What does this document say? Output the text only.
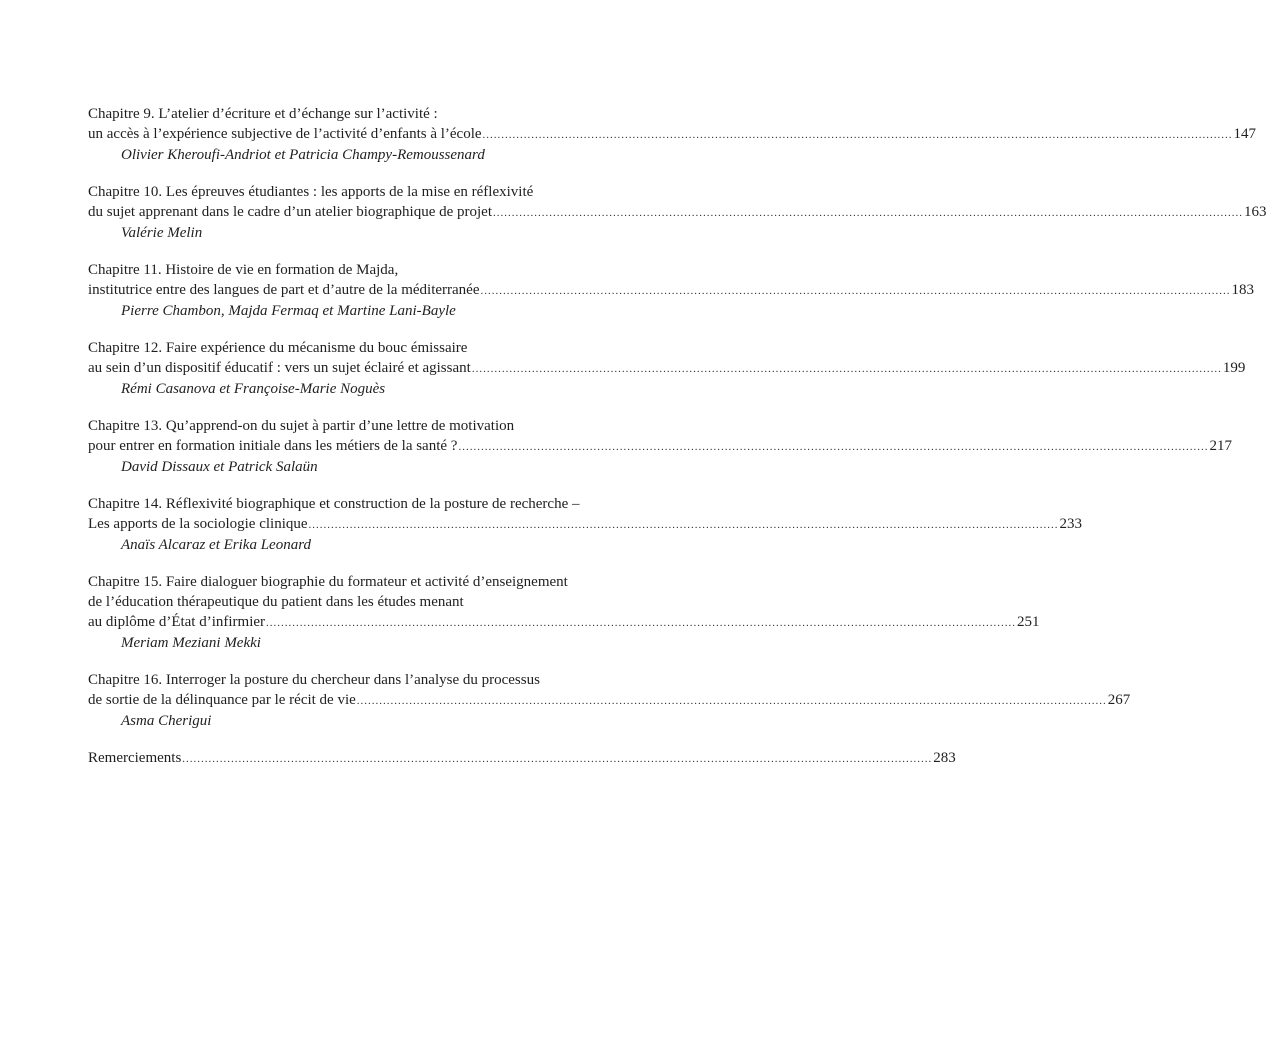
Chapitre 9. L’atelier d’écriture et d’échange sur l’activité :
un accès à l’expérience subjective de l’activité d’enfants à l’école ........................................................................................................................................................................................................ 147
Olivier Kheroufi-Andriot et Patricia Champy-Remoussenard
Chapitre 10. Les épreuves étudiantes : les apports de la mise en réflexivité
du sujet apprenant dans le cadre d’un atelier biographique de projet ........................................................................................................................................................................................................ 163
Valérie Melin
Chapitre 11. Histoire de vie en formation de Majda,
institutrice entre des langues de part et d’autre de la méditerranée ........................................................................................................................................................................................................ 183
Pierre Chambon, Majda Fermaq et Martine Lani-Bayle
Chapitre 12. Faire expérience du mécanisme du bouc émissaire
au sein d’un dispositif éducatif : vers un sujet éclairé et agissant ........................................................................................................................................................................................................ 199
Rémi Casanova et Françoise-Marie Noguès
Chapitre 13. Qu’apprend-on du sujet à partir d’une lettre de motivation
pour entrer en formation initiale dans les métiers de la santé ? ........................................................................................................................................................................................................ 217
David Dissaux et Patrick Salaün
Chapitre 14. Réflexivité biographique et construction de la posture de recherche –
Les apports de la sociologie clinique ........................................................................................................................................................................................................ 233
Anaïs Alcaraz et Erika Leonard
Chapitre 15. Faire dialoguer biographie du formateur et activité d’enseignement
de l’éducation thérapeutique du patient dans les études menant
au diplôme d’État d’infirmier ........................................................................................................................................................................................................ 251
Meriam Meziani Mekki
Chapitre 16. Interroger la posture du chercheur dans l’analyse du processus
de sortie de la délinquance par le récit de vie ........................................................................................................................................................................................................ 267
Asma Cherigui
Remerciements ........................................................................................................................................................................................................ 283
